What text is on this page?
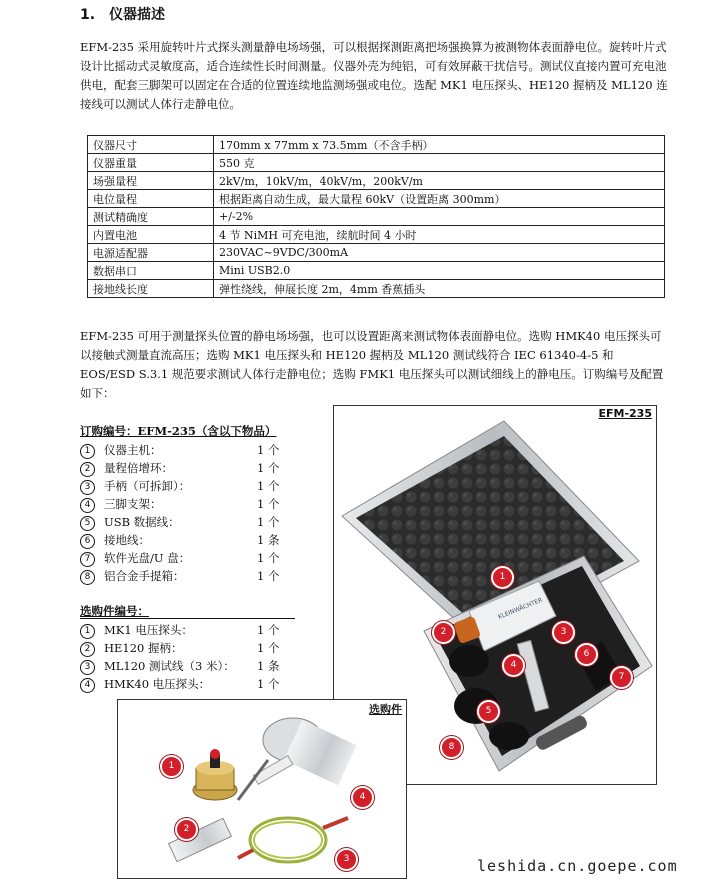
1. 仪器描述

EFM-235 采用旋转叶片式探头测量静电场场强，可以根据探测距离把场强换算为被测物体表面静电位。旋转叶片式设计比摇动式灵敏度高，适合连续性长时间测量。仪器外壳为纯铝，可有效屏蔽干扰信号。测试仪直接内置可充电池供电，配套三脚架可以固定在合适的位置连续地监测场强或电位。选配 MK1 电压探头、HE120 握柄及 ML120 连接线可以测试人体行走静电位。

仪器尺寸	170mm x 77mm x 73.5mm（不含手柄）
仪器重量	550 克
场强量程	2kV/m，10kV/m，40kV/m，200kV/m
电位量程	根据距离自动生成，最大量程 60kV（设置距离 300mm）
测试精确度	+/-2%
内置电池	4 节 NiMH 可充电池，续航时间 4 小时
电源适配器	230VAC~9VDC/300mA
数据串口	Mini USB2.0
接地线长度	弹性绕线，伸展长度 2m，4mm 香蕉插头

EFM-235 可用于测量探头位置的静电场场强，也可以设置距离来测试物体表面静电位。选购 HMK40 电压探头可以接触式测量直流高压；选购 MK1 电压探头和 HE120 握柄及 ML120 测试线符合 IEC 61340-4-5 和 EOS/ESD S.3.1 规范要求测试人体行走静电位；选购 FMK1 电压探头可以测试细线上的静电压。订购编号及配置如下：

订购编号：EFM-235（含以下物品）
1 仪器主机：	1 个
2 量程倍增环：	1 个
3 手柄（可拆卸）：	1 个
4 三脚支架：	1 个
5 USB 数据线：	1 个
6 接地线：	1 条
7 软件光盘/U 盘：	1 个
8 铝合金手提箱：	1 个
选购件编号：
1 MK1 电压探头：	1 个
2 HE120 握柄：	1 个
3 ML120 测试线（3 米）： 1 条
4 HMK40 电压探头：	1 个
EFM-235
KLEINWÄCHTER
1
2	3
4
5
6
7
8
选购件
1
2
3
4
leshida.cn.goepe.com
